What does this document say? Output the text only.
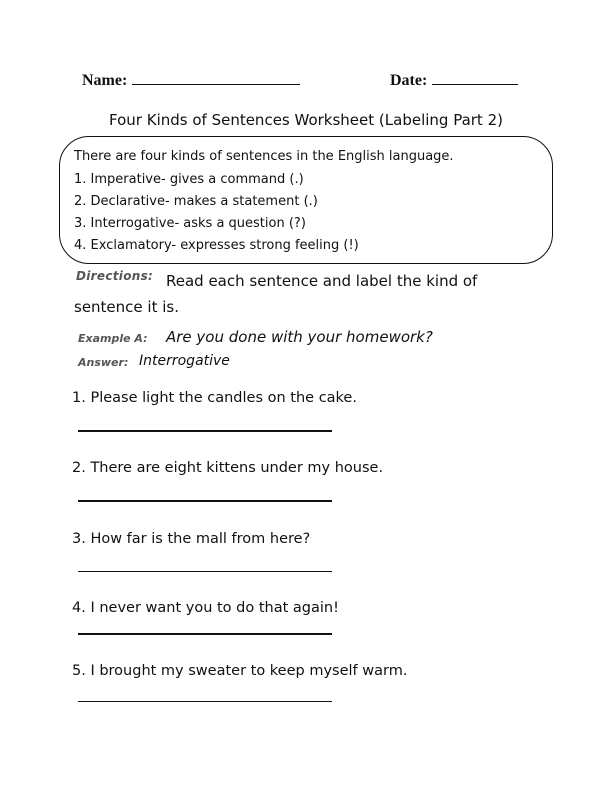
Name:	Date:
Four Kinds of Sentences Worksheet (Labeling Part 2)
There are four kinds of sentences in the English language.
1. Imperative- gives a command (.)
2. Declarative- makes a statement (.)
3. Interrogative- asks a question (?)
4. Exclamatory- expresses strong feeling (!)
Directions: Read each sentence and label the kind of sentence it is.
Example A: Are you done with your homework?
Answer: Interrogative
1. Please light the candles on the cake.
2. There are eight kittens under my house.
3. How far is the mall from here?
4. I never want you to do that again!
5. I brought my sweater to keep myself warm.
